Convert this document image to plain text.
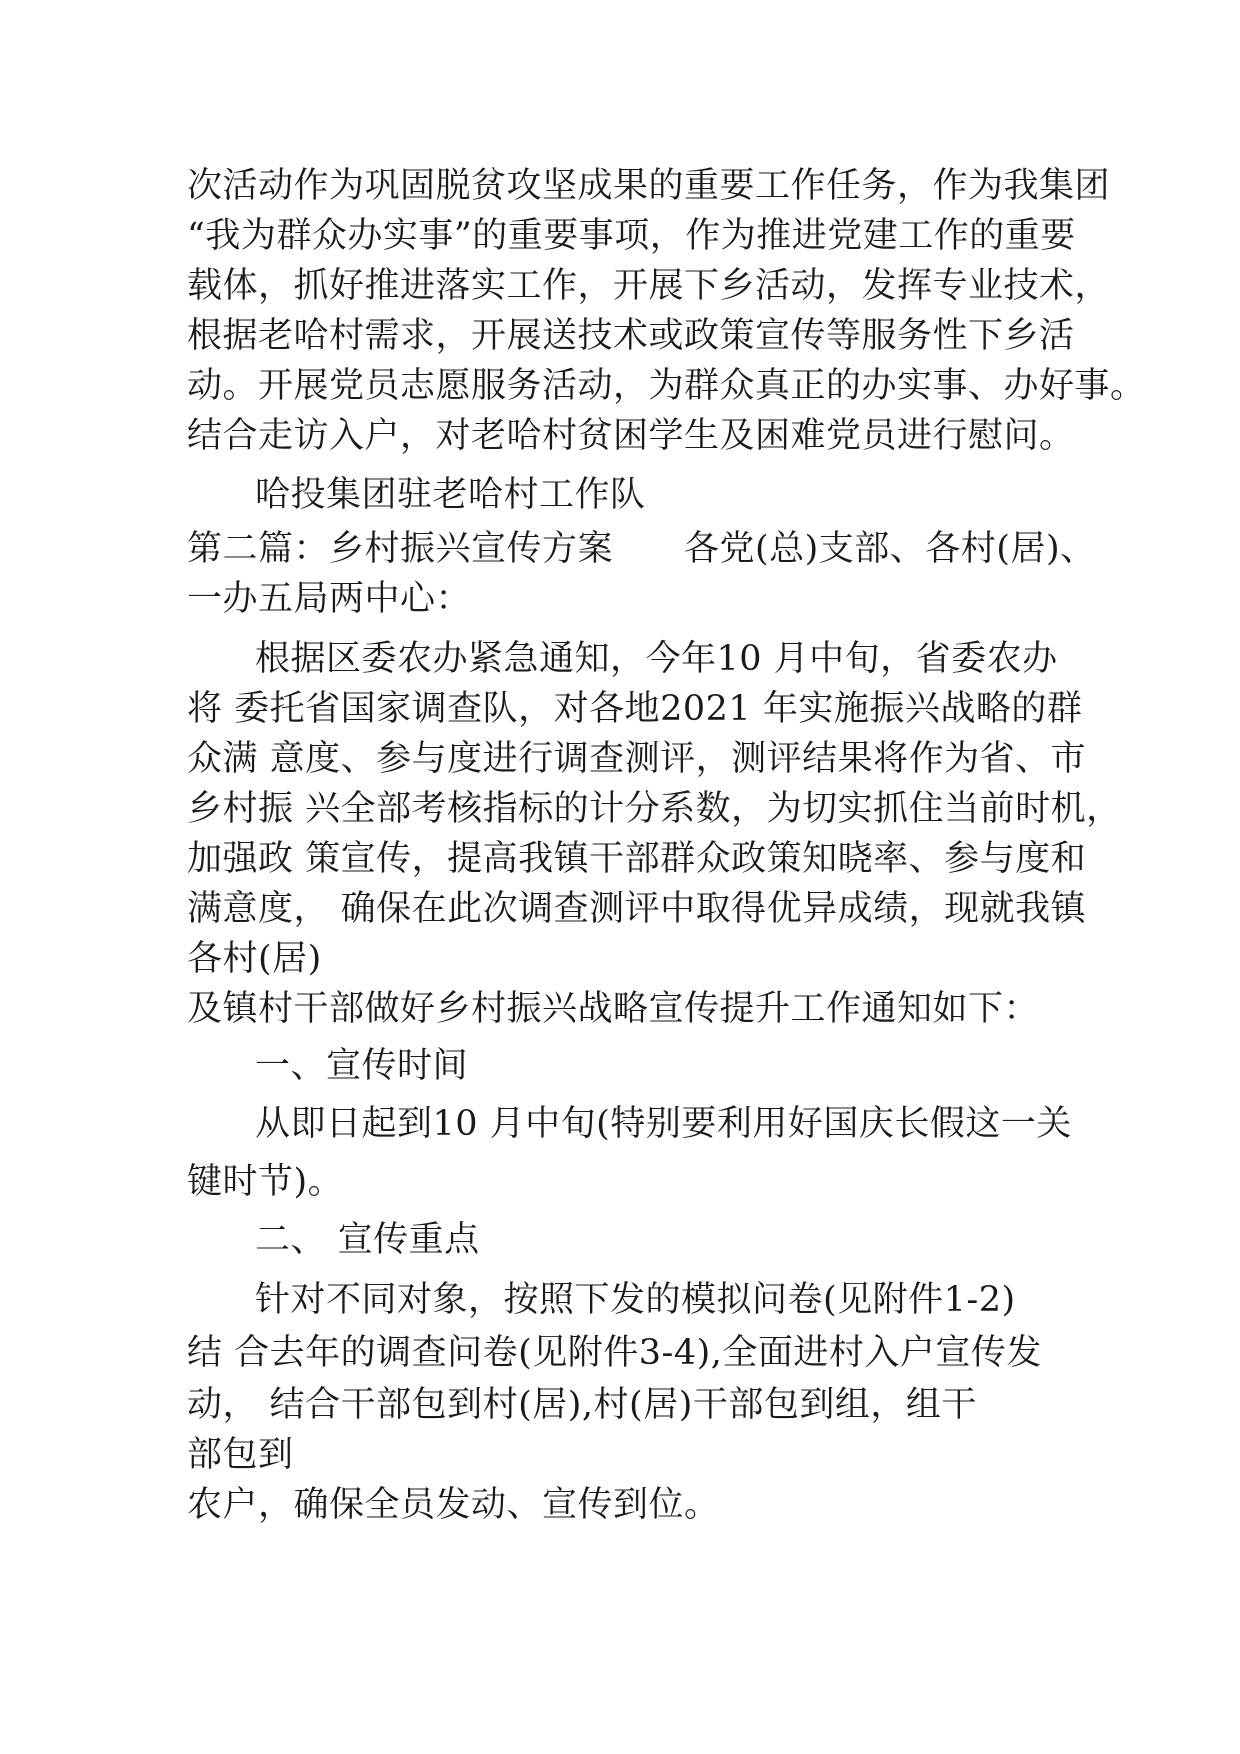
次活动作为巩固脱贫攻坚成果的重要工作任务，作为我集团
“我为群众办实事”的重要事项，作为推进党建工作的重要
载体，抓好推进落实工作，开展下乡活动，发挥专业技术，
根据老哈村需求，开展送技术或政策宣传等服务性下乡活
动。开展党员志愿服务活动，为群众真正的办实事、办好事。
结合走访入户，对老哈村贫困学生及困难党员进行慰问。
哈投集团驻老哈村工作队
第二篇：乡村振兴宣传方案　　各党(总)支部、各村(居)、
一办五局两中心：
根据区委农办紧急通知，今年10 月中旬，省委农办
将 委托省国家调查队，对各地2021 年实施振兴战略的群
众满 意度、参与度进行调查测评，测评结果将作为省、市
乡村振 兴全部考核指标的计分系数，为切实抓住当前时机，
加强政 策宣传，提高我镇干部群众政策知晓率、参与度和
满意度， 确保在此次调查测评中取得优异成绩，现就我镇
各村(居)
及镇村干部做好乡村振兴战略宣传提升工作通知如下：
一、宣传时间
从即日起到10 月中旬(特别要利用好国庆长假这一关
键时节)。
二、 宣传重点
针对不同对象，按照下发的模拟问卷(见附件1-2)
结 合去年的调查问卷(见附件3-4),全面进村入户宣传发
动， 结合干部包到村(居),村(居)干部包到组，组干
部包到
农户，确保全员发动、宣传到位。
